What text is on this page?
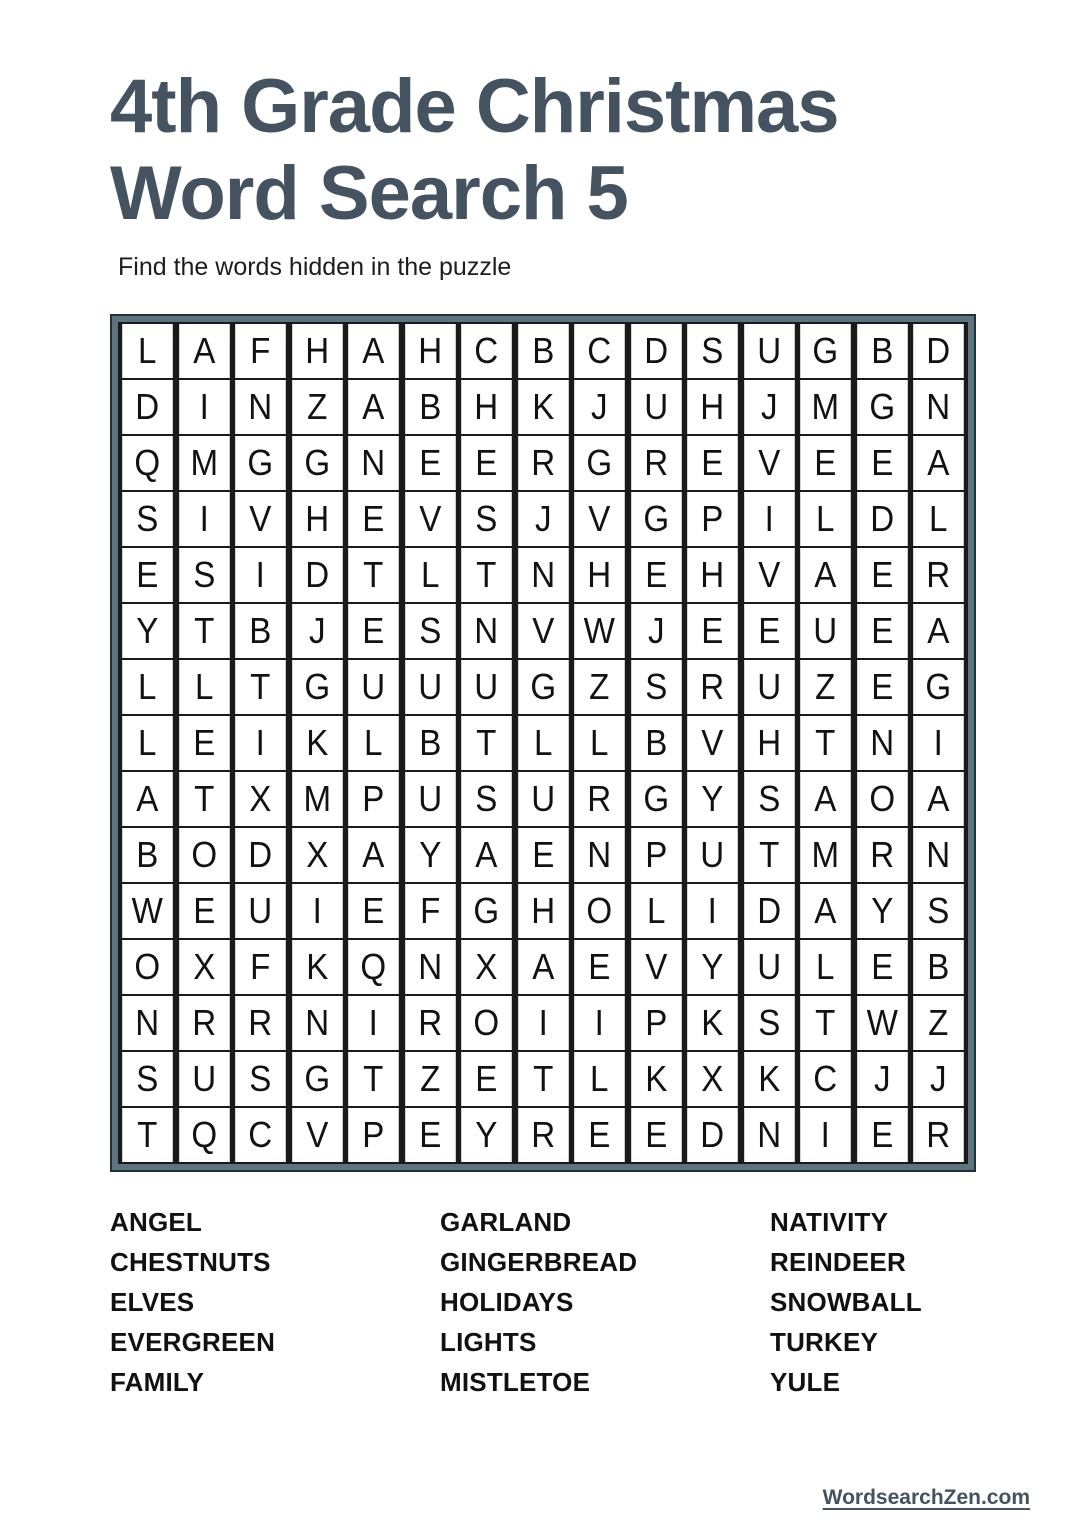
4th Grade Christmas
Word Search 5

Find the words hidden in the puzzle

L	A F H A H C B C D S U G B D
D	I	N Z A B H K	J	U H	J M G N
Q M G G N E E R G R E V E E A
S	I	V H E V S	J	V G P	I	L D L
E S	I	D T	L	T N H E H V A E R
Y T B	J	E S N V W J	E E U E A
L	L	T G U U U G Z S R U Z E G
L	E	I	K	L	B T	L	L	B V H T N	I
A T X M P U S U R G Y S A O A
B O D X A Y A E N P U T M R N
W E U	I	E F G H O L	I	D A Y S
O X F K Q N X A E V Y U L	E B
N R R N	I	R O	I	I	P K S T W Z
S U S G T	Z E T	L	K X K C	J	J
T Q C V P E Y R E E D N	I	E R
ANGEL
CHESTNUTS
ELVES
EVERGREEN
FAMILY
GARLAND
GINGERBREAD
HOLIDAYS
LIGHTS
MISTLETOE
NATIVITY
REINDEER
SNOWBALL
TURKEY
YULE
WordsearchZen.com
